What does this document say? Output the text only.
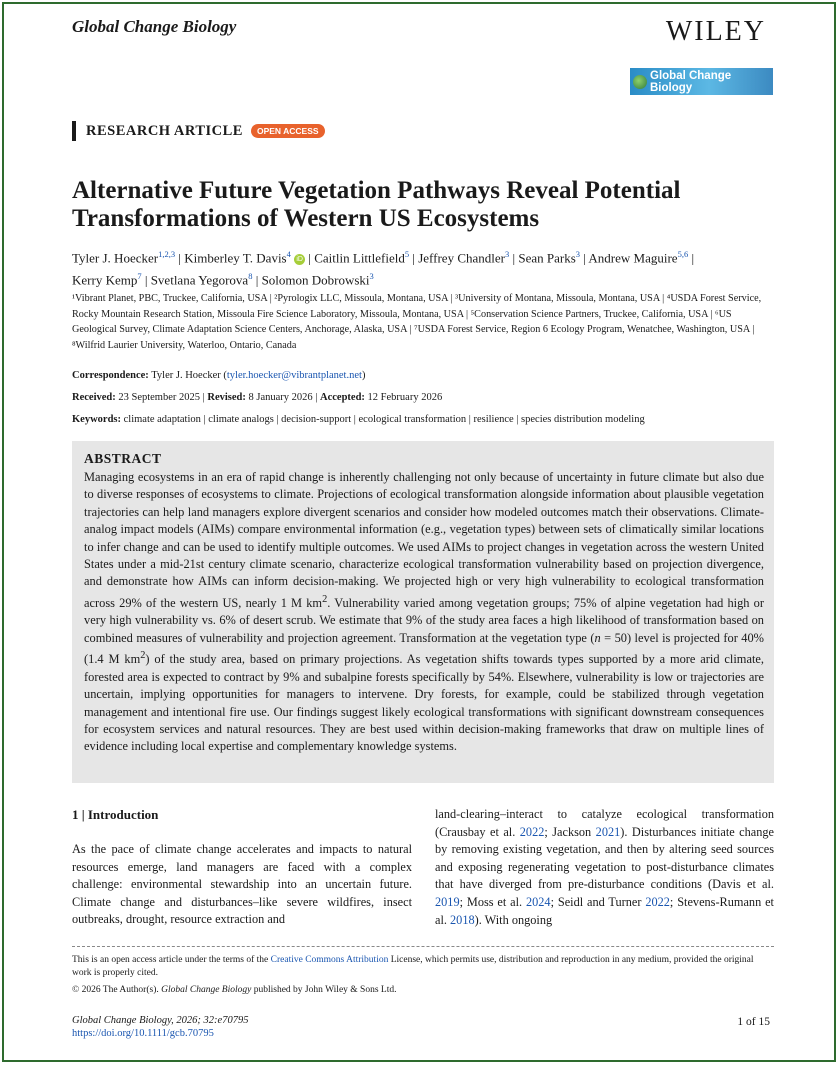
Global Change Biology	WILEY
Global Change Biology
RESEARCH ARTICLE	OPEN ACCESS
Alternative Future Vegetation Pathways Reveal Potential Transformations of Western US Ecosystems
Tyler J. Hoecker$^{1,2,3}$ | Kimberley T. Davis$^4$ iD | Caitlin Littlefield$^5$ | Jeffrey Chandler$^3$ | Sean Parks$^3$ | Andrew Maguire$^{5,6}$ |
Kerry Kemp$^7$ | Svetlana Yegorova$^8$ | Solomon Dobrowski$^3$
¹Vibrant Planet, PBC, Truckee, California, USA | ²Pyrologix LLC, Missoula, Montana, USA | ³University of Montana, Missoula, Montana, USA | ⁴USDA Forest Service, Rocky Mountain Research Station, Missoula Fire Science Laboratory, Missoula, Montana, USA | ⁵Conservation Science Partners, Truckee, California, USA | ⁶US Geological Survey, Climate Adaptation Science Centers, Anchorage, Alaska, USA | ⁷USDA Forest Service, Region 6 Ecology Program, Wenatchee, Washington, USA | ⁸Wilfrid Laurier University, Waterloo, Ontario, Canada
Correspondence: Tyler J. Hoecker (tyler.hoecker@vibrantplanet.net)
Received: 23 September 2025 | Revised: 8 January 2026 | Accepted: 12 February 2026
Keywords: climate adaptation | climate analogs | decision-support | ecological transformation | resilience | species distribution modeling
ABSTRACT
Managing ecosystems in an era of rapid change is inherently challenging not only because of uncertainty in future climate but also due to diverse responses of ecosystems to climate. Projections of ecological transformation alongside information about plausible vegetation trajectories can help land managers explore divergent scenarios and consider how modeled outcomes match their observations. Climate-analog impact models (AIMs) compare environmental information (e.g., vegetation types) between sets of climatically similar locations to infer change and can be used to identify multiple outcomes. We used AIMs to project changes in vegetation across the western United States under a mid-21st century climate scenario, characterize ecological transformation vulnerability based on projection divergence, and demonstrate how AIMs can inform decision-making. We projected high or very high vulnerability to ecological transformation across 29% of the western US, nearly 1 M $km^2$. Vulnerability varied among vegetation groups; 75% of alpine vegetation had high or very high vulnerability vs. 6% of desert scrub. We estimate that 9% of the study area faces a high likelihood of transformation based on combined measures of vulnerability and projection agreement. Transformation at the vegetation type (n = 50) level is projected for 40% (1.4 M $km^2$) of the study area, based on primary projections. As vegetation shifts towards types supported by a more arid climate, forested area is expected to contract by 9% and subalpine forests specifically by 54%. Elsewhere, vulnerability is low or trajectories are uncertain, implying opportunities for managers to intervene. Dry forests, for example, could be stabilized through vegetation management and intentional fire use. Our findings suggest likely ecological transformations with significant downstream consequences for ecosystem services and natural resources. They are best used within decision-making frameworks that draw on multiple lines of evidence including local expertise and complementary knowledge systems.
1 | Introduction
As the pace of climate change accelerates and impacts to natural resources emerge, land managers are faced with a complex challenge: environmental stewardship into an uncertain future. Climate change and disturbances–like severe wildfires, insect outbreaks, drought, resource extraction and
land-clearing–interact to catalyze ecological transformation (Crausbay et al. 2022; Jackson 2021). Disturbances initiate change by removing existing vegetation, and then by altering seed sources and exposing regenerating vegetation to post-disturbance climates that have diverged from pre-disturbance conditions (Davis et al. 2019; Moss et al. 2024; Seidl and Turner 2022; Stevens-Rumann et al. 2018). With ongoing
This is an open access article under the terms of the Creative Commons Attribution License, which permits use, distribution and reproduction in any medium, provided the original work is properly cited.
© 2026 The Author(s). Global Change Biology published by John Wiley & Sons Ltd.
Global Change Biology, 2026; 32:e70795
https://doi.org/10.1111/gcb.70795
1 of 15
